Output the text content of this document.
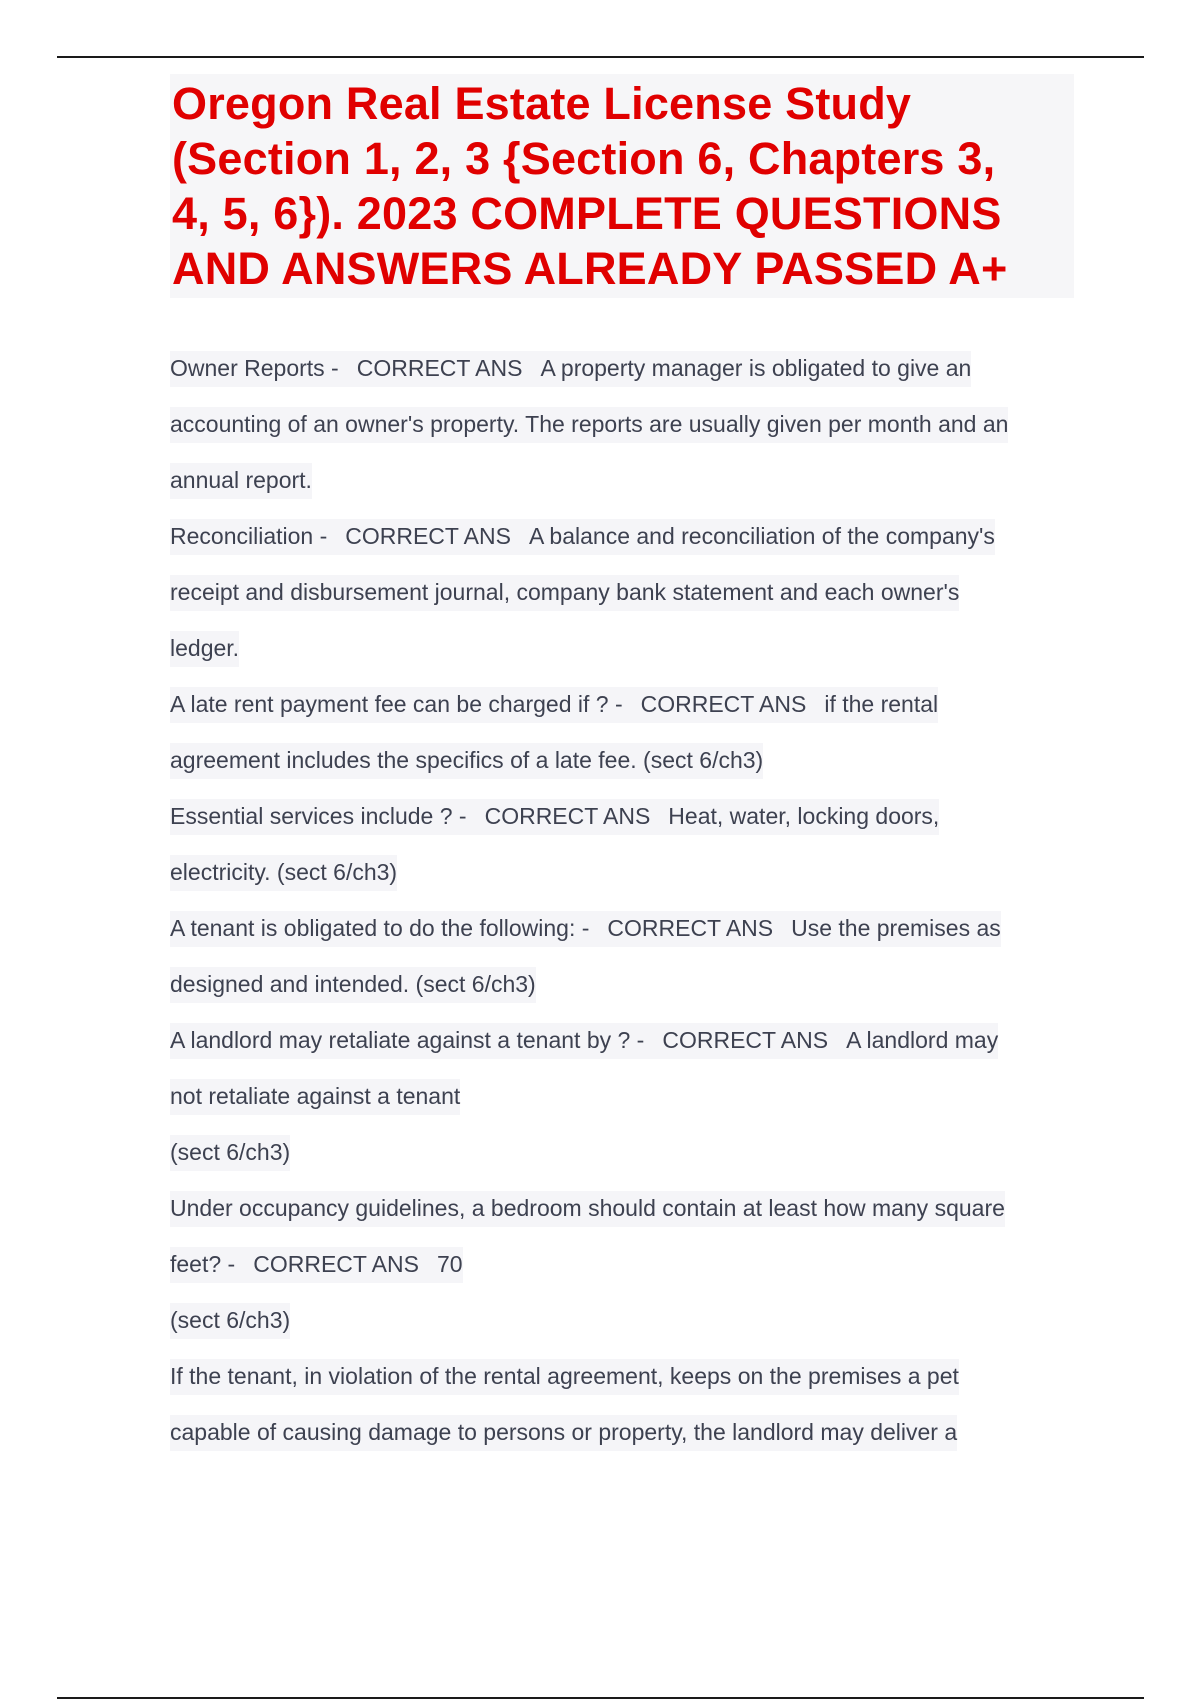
Oregon Real Estate License Study
(Section 1, 2, 3 {Section 6, Chapters 3,
4, 5, 6}). 2023 COMPLETE QUESTIONS
AND ANSWERS ALREADY PASSED A+
Owner Reports - CORRECT ANS A property manager is obligated to give an
accounting of an owner's property. The reports are usually given per month and an
annual report.
Reconciliation - CORRECT ANS A balance and reconciliation of the company's
receipt and disbursement journal, company bank statement and each owner's
ledger.
A late rent payment fee can be charged if ? - CORRECT ANS if the rental
agreement includes the specifics of a late fee. (sect 6/ch3)
Essential services include ? - CORRECT ANS Heat, water, locking doors,
electricity. (sect 6/ch3)
A tenant is obligated to do the following: - CORRECT ANS Use the premises as
designed and intended. (sect 6/ch3)
A landlord may retaliate against a tenant by ? - CORRECT ANS A landlord may
not retaliate against a tenant
(sect 6/ch3)
Under occupancy guidelines, a bedroom should contain at least how many square
feet? - CORRECT ANS 70
(sect 6/ch3)
If the tenant, in violation of the rental agreement, keeps on the premises a pet
capable of causing damage to persons or property, the landlord may deliver a
